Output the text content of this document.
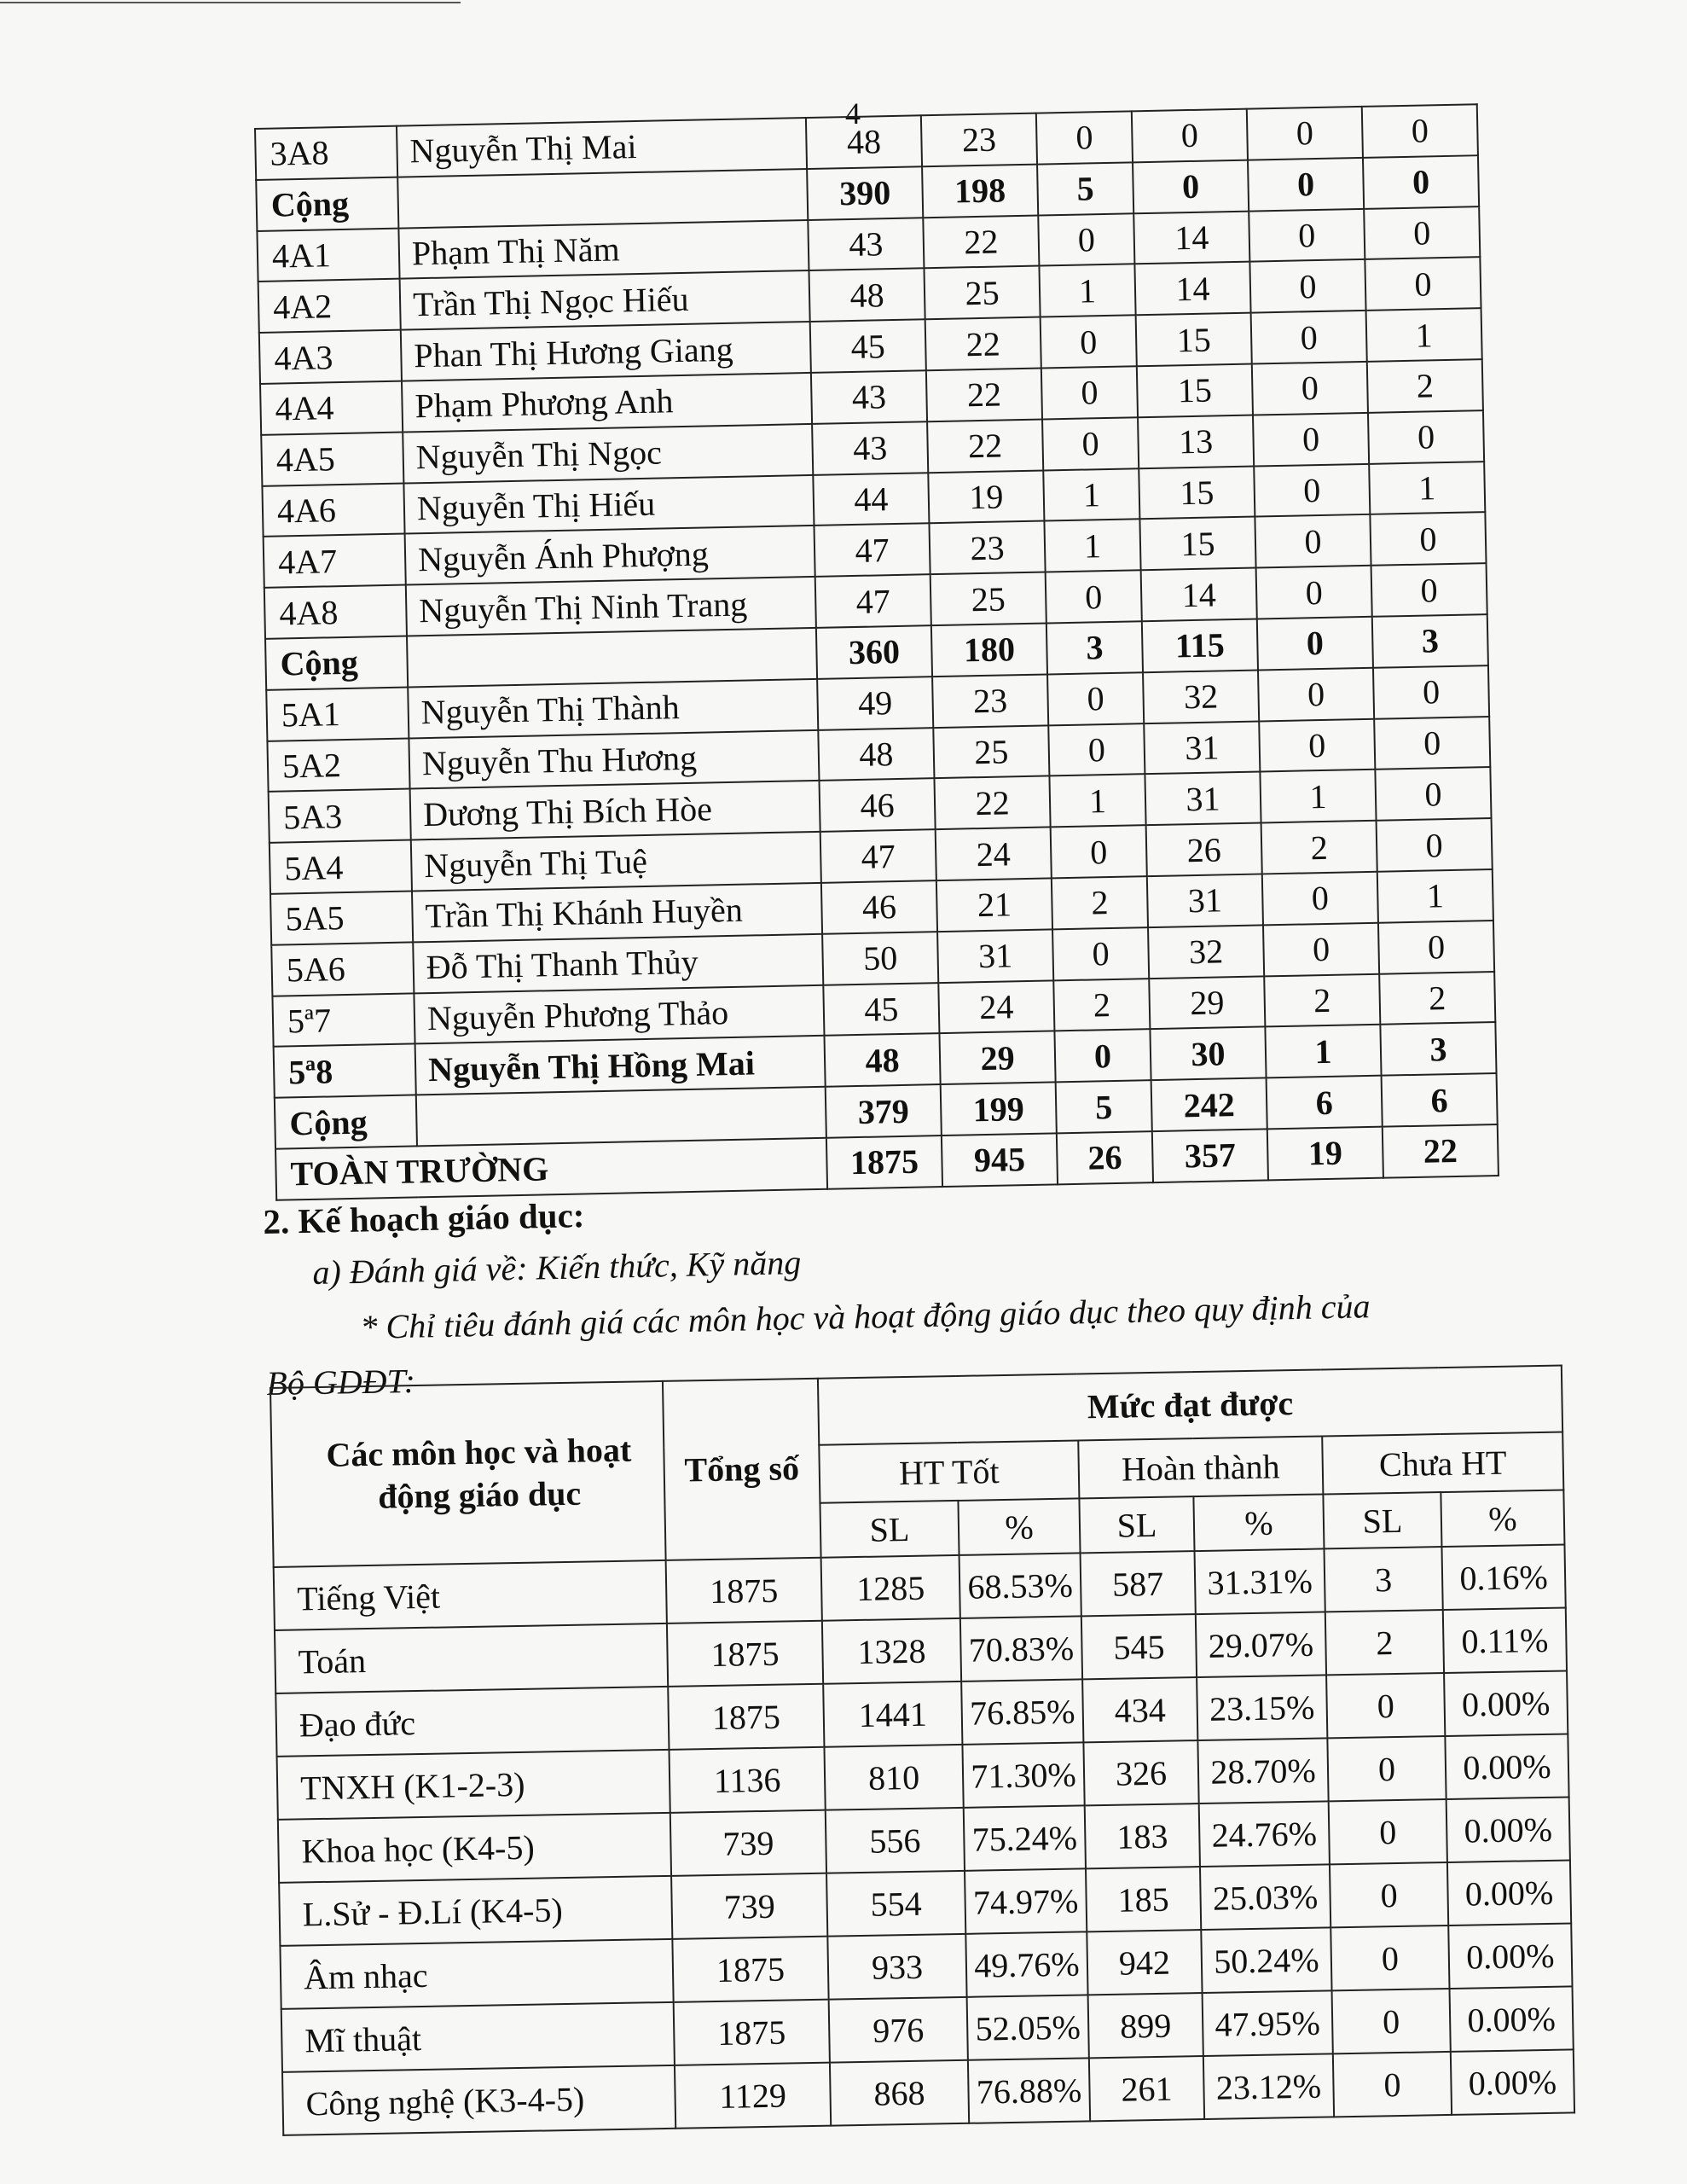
4
3A8	Nguyễn Thị Mai	48	23	0	0	0	0
Cộng		390	198	5	0	0	0
4A1	Phạm Thị Năm	43	22	0	14	0	0
4A2	Trần Thị Ngọc Hiếu	48	25	1	14	0	0
4A3	Phan Thị Hương Giang	45	22	0	15	0	1
4A4	Phạm Phương Anh	43	22	0	15	0	2
4A5	Nguyễn Thị Ngọc	43	22	0	13	0	0
4A6	Nguyễn Thị Hiếu	44	19	1	15	0	1
4A7	Nguyễn Ánh Phượng	47	23	1	15	0	0
4A8	Nguyễn Thị Ninh Trang	47	25	0	14	0	0
Cộng		360	180	3	115	0	3
5A1	Nguyễn Thị Thành	49	23	0	32	0	0
5A2	Nguyễn Thu Hương	48	25	0	31	0	0
5A3	Dương Thị Bích Hòe	46	22	1	31	1	0
5A4	Nguyễn Thị Tuệ	47	24	0	26	2	0
5A5	Trần Thị Khánh Huyền	46	21	2	31	0	1
5A6	Đỗ Thị Thanh Thủy	50	31	0	32	0	0
5ª7	Nguyễn Phương Thảo	45	24	2	29	2	2
5ª8	Nguyễn Thị Hồng Mai	48	29	0	30	1	3
Cộng		379	199	5	242	6	6
TOÀN TRƯỜNG		1875	945	26	357	19	22
2. Kế hoạch giáo dục:
a) Đánh giá về: Kiến thức, Kỹ năng
* Chỉ tiêu đánh giá các môn học và hoạt động giáo dục theo quy định của
Bộ GDĐT:
Các môn học và hoạt động giáo dục	Tổng số	Mức đạt được					
		HT Tốt		Hoàn thành		Chưa HT	
		SL	%	SL	%	SL	%
Tiếng Việt	1875	1285	68.53%	587	31.31%	3	0.16%
Toán	1875	1328	70.83%	545	29.07%	2	0.11%
Đạo đức	1875	1441	76.85%	434	23.15%	0	0.00%
TNXH (K1-2-3)	1136	810	71.30%	326	28.70%	0	0.00%
Khoa học (K4-5)	739	556	75.24%	183	24.76%	0	0.00%
L.Sử - Đ.Lí (K4-5)	739	554	74.97%	185	25.03%	0	0.00%
Âm nhạc	1875	933	49.76%	942	50.24%	0	0.00%
Mĩ thuật	1875	976	52.05%	899	47.95%	0	0.00%
Công nghệ (K3-4-5)	1129	868	76.88%	261	23.12%	0	0.00%
